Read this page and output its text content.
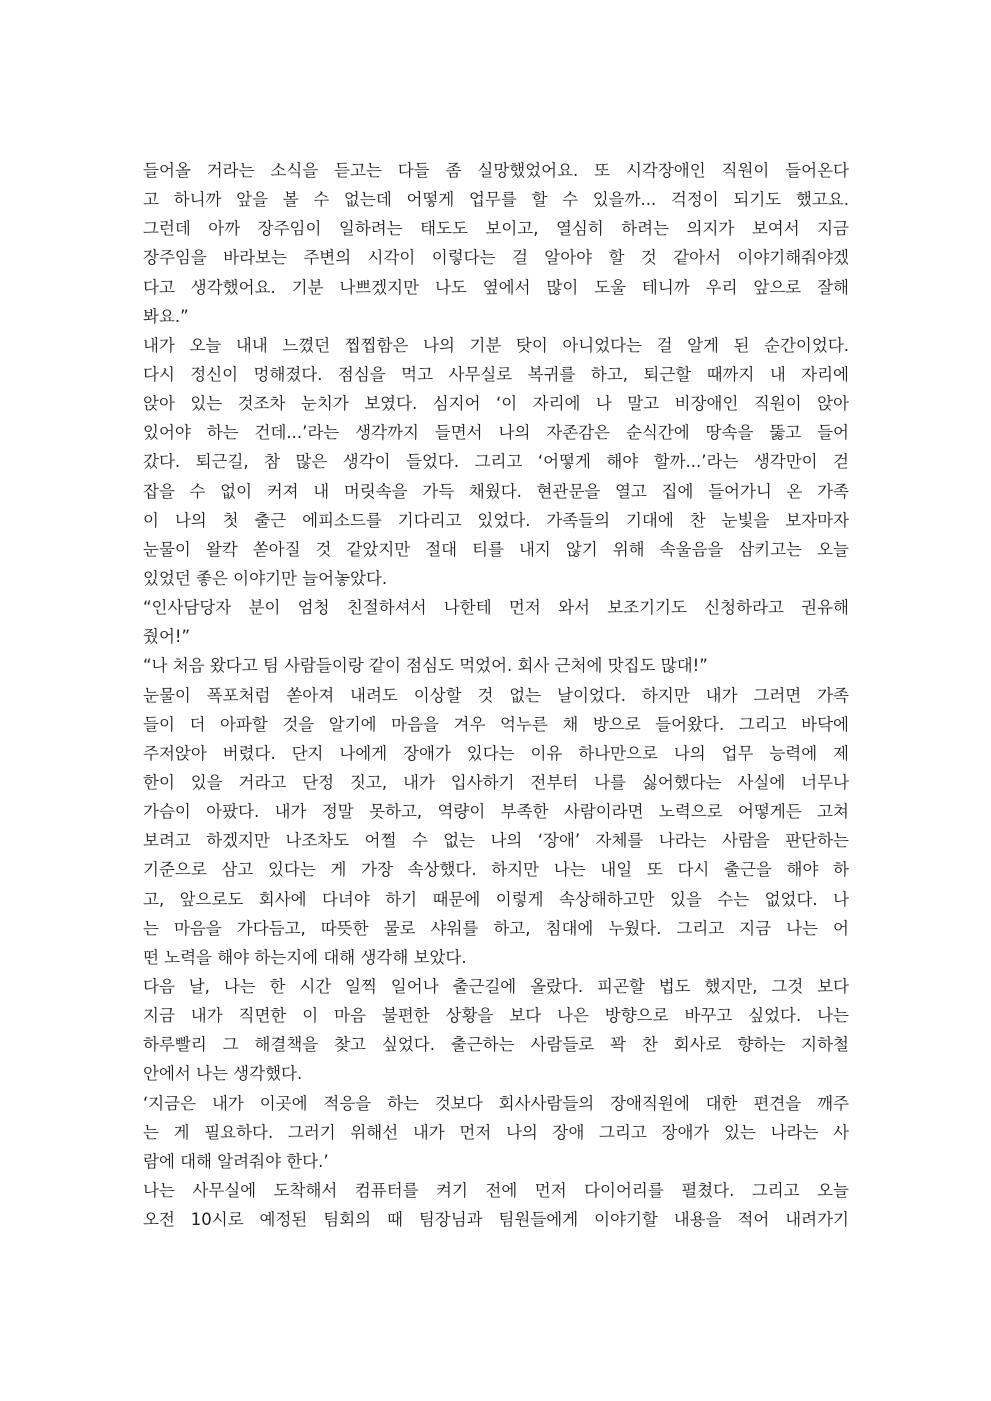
들어올 거라는 소식을 듣고는 다들 좀 실망했었어요. 또 시각장애인 직원이 들어온다
고 하니까 앞을 볼 수 없는데 어떻게 업무를 할 수 있을까... 걱정이 되기도 했고요.
그런데 아까 장주임이 일하려는 태도도 보이고, 열심히 하려는 의지가 보여서 지금
장주임을 바라보는 주변의 시각이 이렇다는 걸 알아야 할 것 같아서 이야기해줘야겠
다고 생각했어요. 기분 나쁘겠지만 나도 옆에서 많이 도울 테니까 우리 앞으로 잘해
봐요.”
내가 오늘 내내 느꼈던 찝찝함은 나의 기분 탓이 아니었다는 걸 알게 된 순간이었다.
다시 정신이 멍해졌다. 점심을 먹고 사무실로 복귀를 하고, 퇴근할 때까지 내 자리에
앉아 있는 것조차 눈치가 보였다. 심지어 ‘이 자리에 나 말고 비장애인 직원이 앉아
있어야 하는 건데...’라는 생각까지 들면서 나의 자존감은 순식간에 땅속을 뚫고 들어
갔다. 퇴근길, 참 많은 생각이 들었다. 그리고 ‘어떻게 해야 할까...’라는 생각만이 걷
잡을 수 없이 커져 내 머릿속을 가득 채웠다. 현관문을 열고 집에 들어가니 온 가족
이 나의 첫 출근 에피소드를 기다리고 있었다. 가족들의 기대에 찬 눈빛을 보자마자
눈물이 왈칵 쏟아질 것 같았지만 절대 티를 내지 않기 위해 속울음을 삼키고는 오늘
있었던 좋은 이야기만 늘어놓았다.
“인사담당자 분이 엄청 친절하셔서 나한테 먼저 와서 보조기기도 신청하라고 권유해
줬어!”
“나 처음 왔다고 팀 사람들이랑 같이 점심도 먹었어. 회사 근처에 맛집도 많대!”
눈물이 폭포처럼 쏟아져 내려도 이상할 것 없는 날이었다. 하지만 내가 그러면 가족
들이 더 아파할 것을 알기에 마음을 겨우 억누른 채 방으로 들어왔다. 그리고 바닥에
주저앉아 버렸다. 단지 나에게 장애가 있다는 이유 하나만으로 나의 업무 능력에 제
한이 있을 거라고 단정 짓고, 내가 입사하기 전부터 나를 싫어했다는 사실에 너무나
가슴이 아팠다. 내가 정말 못하고, 역량이 부족한 사람이라면 노력으로 어떻게든 고쳐
보려고 하겠지만 나조차도 어쩔 수 없는 나의 ‘장애’ 자체를 나라는 사람을 판단하는
기준으로 삼고 있다는 게 가장 속상했다. 하지만 나는 내일 또 다시 출근을 해야 하
고, 앞으로도 회사에 다녀야 하기 때문에 이렇게 속상해하고만 있을 수는 없었다. 나
는 마음을 가다듬고, 따뜻한 물로 샤워를 하고, 침대에 누웠다. 그리고 지금 나는 어
떤 노력을 해야 하는지에 대해 생각해 보았다.
다음 날, 나는 한 시간 일찍 일어나 출근길에 올랐다. 피곤할 법도 했지만, 그것 보다
지금 내가 직면한 이 마음 불편한 상황을 보다 나은 방향으로 바꾸고 싶었다. 나는
하루빨리 그 해결책을 찾고 싶었다. 출근하는 사람들로 꽉 찬 회사로 향하는 지하철
안에서 나는 생각했다.
‘지금은 내가 이곳에 적응을 하는 것보다 회사사람들의 장애직원에 대한 편견을 깨주
는 게 필요하다. 그러기 위해선 내가 먼저 나의 장애 그리고 장애가 있는 나라는 사
람에 대해 알려줘야 한다.’
나는 사무실에 도착해서 컴퓨터를 켜기 전에 먼저 다이어리를 펼쳤다. 그리고 오늘
오전 10시로 예정된 팀회의 때 팀장님과 팀원들에게 이야기할 내용을 적어 내려가기
